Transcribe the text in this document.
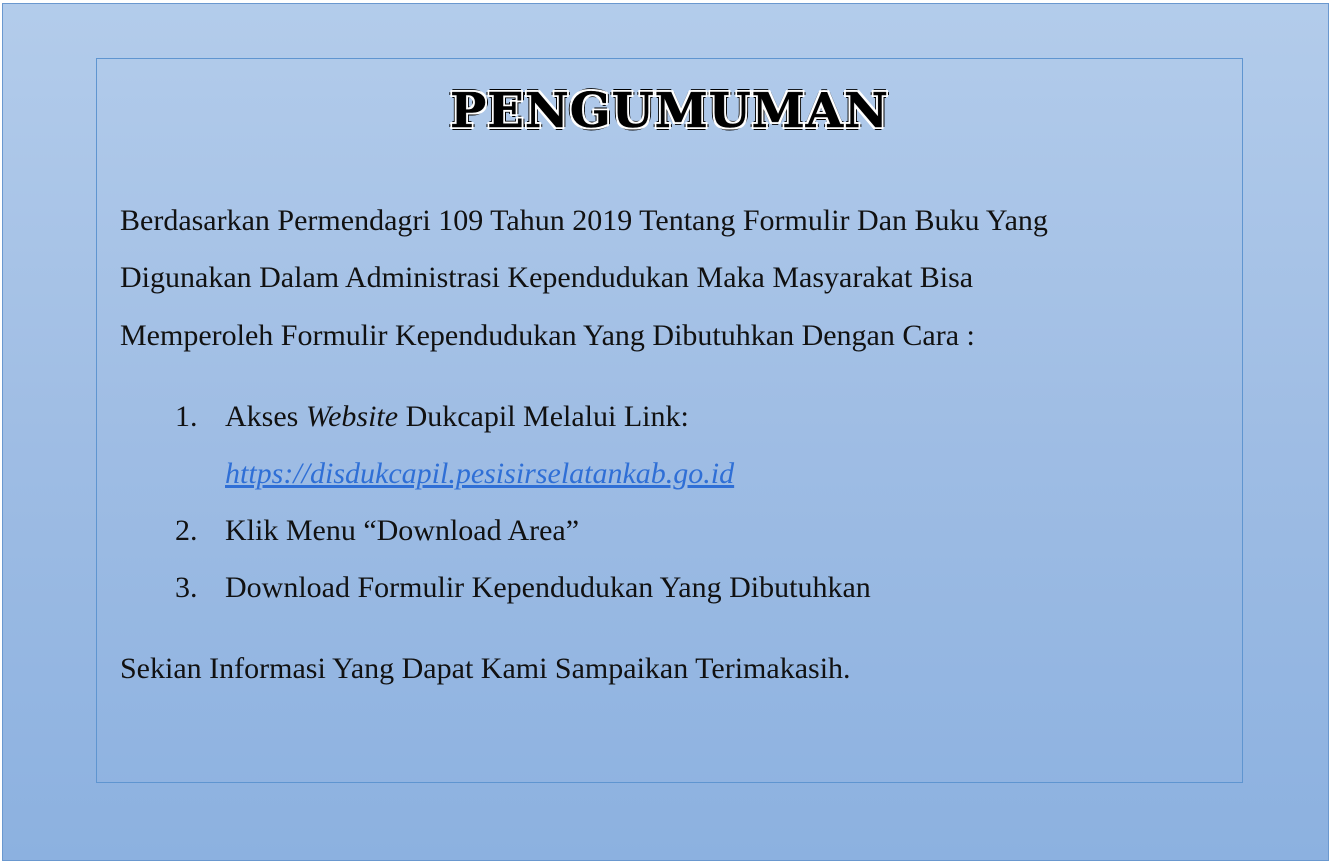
PENGUMUMAN
Berdasarkan Permendagri 109 Tahun 2019 Tentang Formulir Dan Buku Yang
Digunakan Dalam Administrasi Kependudukan Maka Masyarakat Bisa
Memperoleh Formulir Kependudukan Yang Dibutuhkan Dengan Cara :
1. Akses Website Dukcapil Melalui Link:
https://disdukcapil.pesisirselatankab.go.id
2. Klik Menu “Download Area”
3. Download Formulir Kependudukan Yang Dibutuhkan
Sekian Informasi Yang Dapat Kami Sampaikan Terimakasih.
